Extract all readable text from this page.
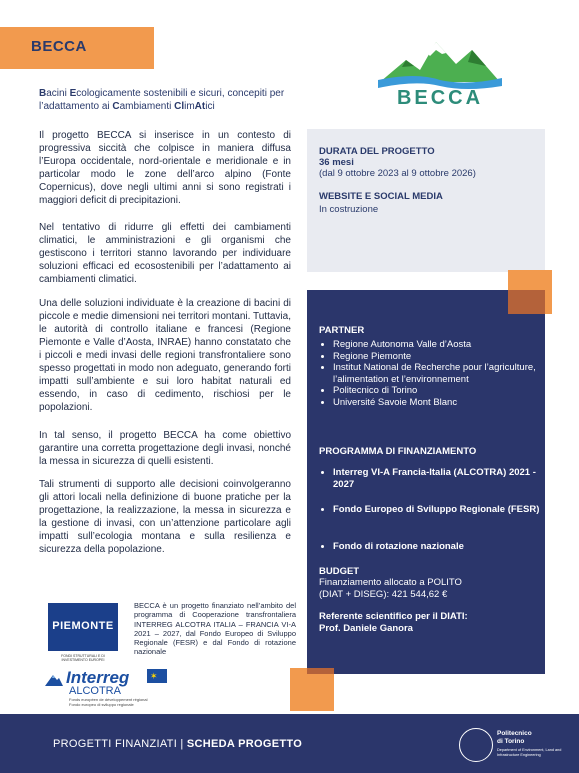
BECCA
BECCA
Bacini Ecologicamente sostenibili e sicuri, concepiti per
l’adattamento ai Cambiamenti ClimAtici
Il progetto BECCA si inserisce in un contesto di progressiva siccità che colpisce in maniera diffusa l’Europa occidentale, nord-orientale e meridionale e in particolar modo le zone dell’arco alpino (Fonte Copernicus), dove negli ultimi anni si sono registrati i maggiori deficit di precipitazioni.
Nel tentativo di ridurre gli effetti dei cambiamenti climatici, le amministrazioni e gli organismi che gestiscono i territori stanno lavorando per individuare soluzioni efficaci ed ecosostenibili per l’adattamento ai cambiamenti climatici.
Una delle soluzioni individuate è la creazione di bacini di piccole e medie dimensioni nei territori montani. Tuttavia, le autorità di controllo italiane e francesi (Regione Piemonte e Valle d’Aosta, INRAE) hanno constatato che i piccoli e medi invasi delle regioni transfrontaliere sono spesso progettati in modo non adeguato, generando forti impatti sull’ambiente e sui loro habitat naturali ed essendo, in caso di cedimento, rischiosi per le popolazioni.
In tal senso, il progetto BECCA ha come obiettivo garantire una corretta progettazione degli invasi, nonché la messa in sicurezza di quelli esistenti.
Tali strumenti di supporto alle decisioni coinvolgeranno gli attori locali nella definizione di buone pratiche per la progettazione, la realizzazione, la messa in sicurezza e la gestione di invasi, con un’attenzione particolare agli impatti sull’ecologia montana e sulla resilienza e sicurezza della popolazione.
DURATA DEL PROGETTO
36 mesi
(dal 9 ottobre 2023 al 9 ottobre 2026)
WEBSITE E SOCIAL MEDIA
In costruzione
PARTNER
• Regione Autonoma Valle d’Aosta
• Regione Piemonte
• Institut National de Recherche pour l’agriculture, l’alimentation et l’environnement
• Politecnico di Torino
• Université Savoie Mont Blanc
PROGRAMMA DI FINANZIAMENTO
• Interreg VI-A Francia-Italia (ALCOTRA) 2021 - 2027
• Fondo Europeo di Sviluppo Regionale (FESR)
• Fondo di rotazione nazionale
BUDGET
Finanziamento allocato a POLITO
(DIAT + DISEG): 421 544,62 €
Referente scientifico per il DIATI:
Prof. Daniele Ganora
PIEMONTE
FONDI STRUTTURALI E DI INVESTIMENTO EUROPEI
BECCA è un progetto finanziato nell’ambito del programma di Cooperazione transfrontaliera INTERREG ALCOTRA ITALIA – FRANCIA VI-A 2021 – 2027, dal Fondo Europeo di Sviluppo Regionale (FESR) e dal Fondo di rotazione nazionale
Interreg ✶
ALCOTRA
Fonds européen de développement régional Fondo europeo di sviluppo regionale
PROGETTI FINANZIATI | SCHEDA PROGETTO
Politecnico
di Torino
Department of Environment, Land and Infrastructure Engineering
